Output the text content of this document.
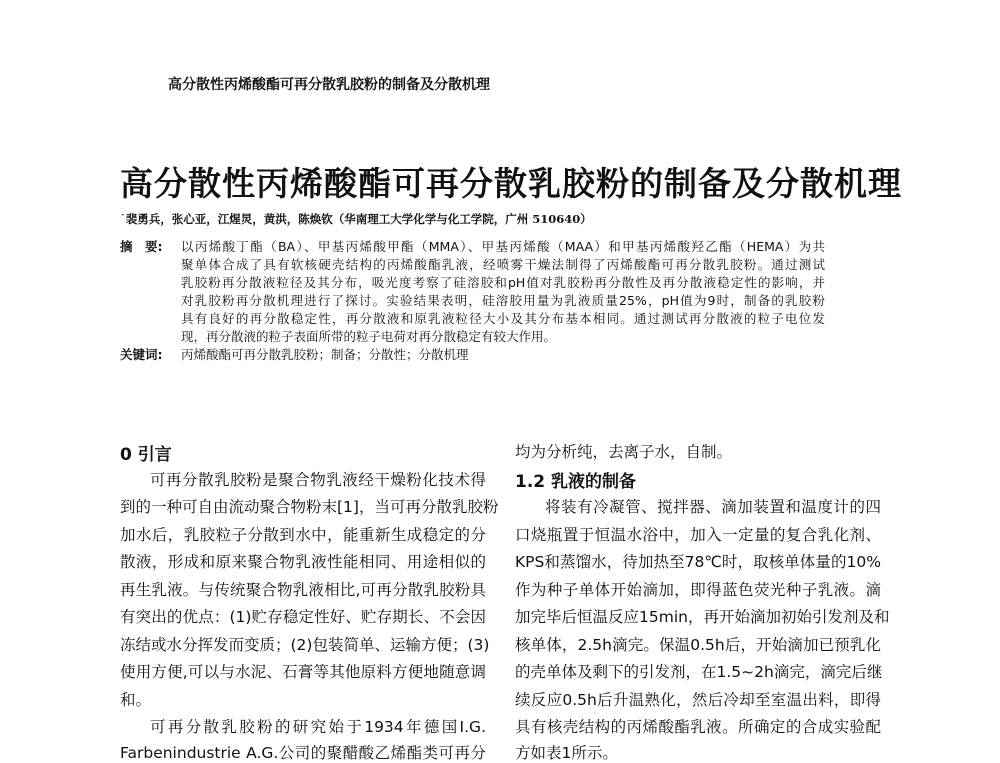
高分散性丙烯酸酯可再分散乳胶粉的制备及分散机理
高分散性丙烯酸酯可再分散乳胶粉的制备及分散机理
˙裴勇兵，张心亚，江煋炅，黄洪，陈焕钦（华南理工大学化学与化工学院，广州 510640）
摘　要: 以丙烯酸丁酯（BA）、甲基丙烯酸甲酯（MMA）、甲基丙烯酸（MAA）和甲基丙烯酸羟乙酯（HEMA）为共
聚单体合成了具有软核硬壳结构的丙烯酸酯乳液，经喷雾干燥法制得了丙烯酸酯可再分散乳胶粉。通过测试
乳胶粉再分散液粒径及其分布，吸光度考察了硅溶胶和pH值对乳胶粉再分散性及再分散液稳定性的影响，并
对乳胶粉再分散机理进行了探讨。实验结果表明，硅溶胶用量为乳液质量25%，pH值为9时，制备的乳胶粉
具有良好的再分散稳定性，再分散液和原乳液粒径大小及其分布基本相同。通过测试再分散液的粒子电位发
现，再分散液的粒子表面所带的粒子电荷对再分散稳定有较大作用。
关键词: 丙烯酸酯可再分散乳胶粉；制备；分散性；分散机理
0 引言
可再分散乳胶粉是聚合物乳液经干燥粉化技术得
到的一种可自由流动聚合物粉末[1]，当可再分散乳胶粉
加水后，乳胶粒子分散到水中，能重新生成稳定的分
散液，形成和原来聚合物乳液性能相同、用途相似的
再生乳液。与传统聚合物乳液相比,可再分散乳胶粉具
有突出的优点：(1)贮存稳定性好、贮存期长、不会因
冻结或水分挥发而变质；(2)包装简单、运输方便；(3)
使用方便,可以与水泥、石膏等其他原料方便地随意调
和。
可再分散乳胶粉的研究始于1934年德国I.G.
Farbenindustrie A.G.公司的聚醋酸乙烯酯类可再分
均为分析纯，去离子水，自制。
1.2 乳液的制备
将装有冷凝管、搅拌器、滴加装置和温度计的四
口烧瓶置于恒温水浴中，加入一定量的复合乳化剂、
KPS和蒸馏水，待加热至78℃时，取核单体量的10%
作为种子单体开始滴加，即得蓝色荧光种子乳液。滴
加完毕后恒温反应15min，再开始滴加初始引发剂及和
核单体，2.5h滴完。保温0.5h后，开始滴加已预乳化
的壳单体及剩下的引发剂，在1.5~2h滴完，滴完后继
续反应0.5h后升温熟化，然后冷却至室温出料，即得
具有核壳结构的丙烯酸酯乳液。所确定的合成实验配
方如表1所示。
